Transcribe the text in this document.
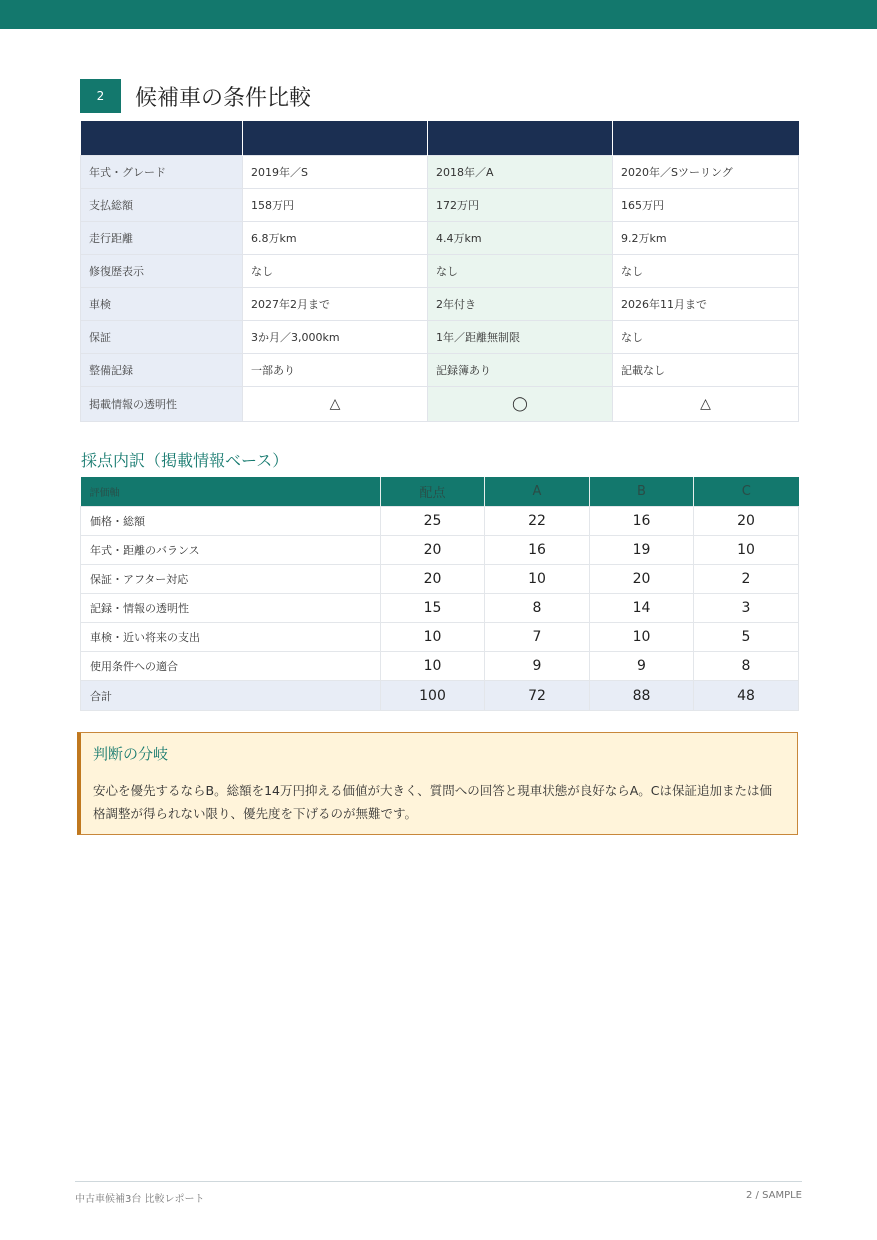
2	候補車の条件比較

年式・グレード	2019年／S	2018年／A	2020年／Sツーリング
支払総額	158万円	172万円	165万円
走行距離	6.8万km	4.4万km	9.2万km
修復歴表示	なし	なし	なし
車検	2027年2月まで	2年付き	2026年11月まで
保証	3か月／3,000km	1年／距離無制限	なし
整備記録	一部あり	記録簿あり	記載なし
掲載情報の透明性	△	◯	△
採点内訳（掲載情報ベース）
評価軸	配点	A	B	C
価格・総額	25	22	16	20
年式・距離のバランス	20	16	19	10
保証・アフター対応	20	10	20	2
記録・情報の透明性	15	8	14	3
車検・近い将来の支出	10	7	10	5
使用条件への適合	10	9	9	8
合計	100	72	88	48
判断の分岐
安心を優先するならB。総額を14万円抑える価値が大きく、質問への回答と現車状態が良好ならA。Cは保証追加または価格調整が得られない限り、優先度を下げるのが無難です。
中古車候補3台 比較レポート	2 / SAMPLE
